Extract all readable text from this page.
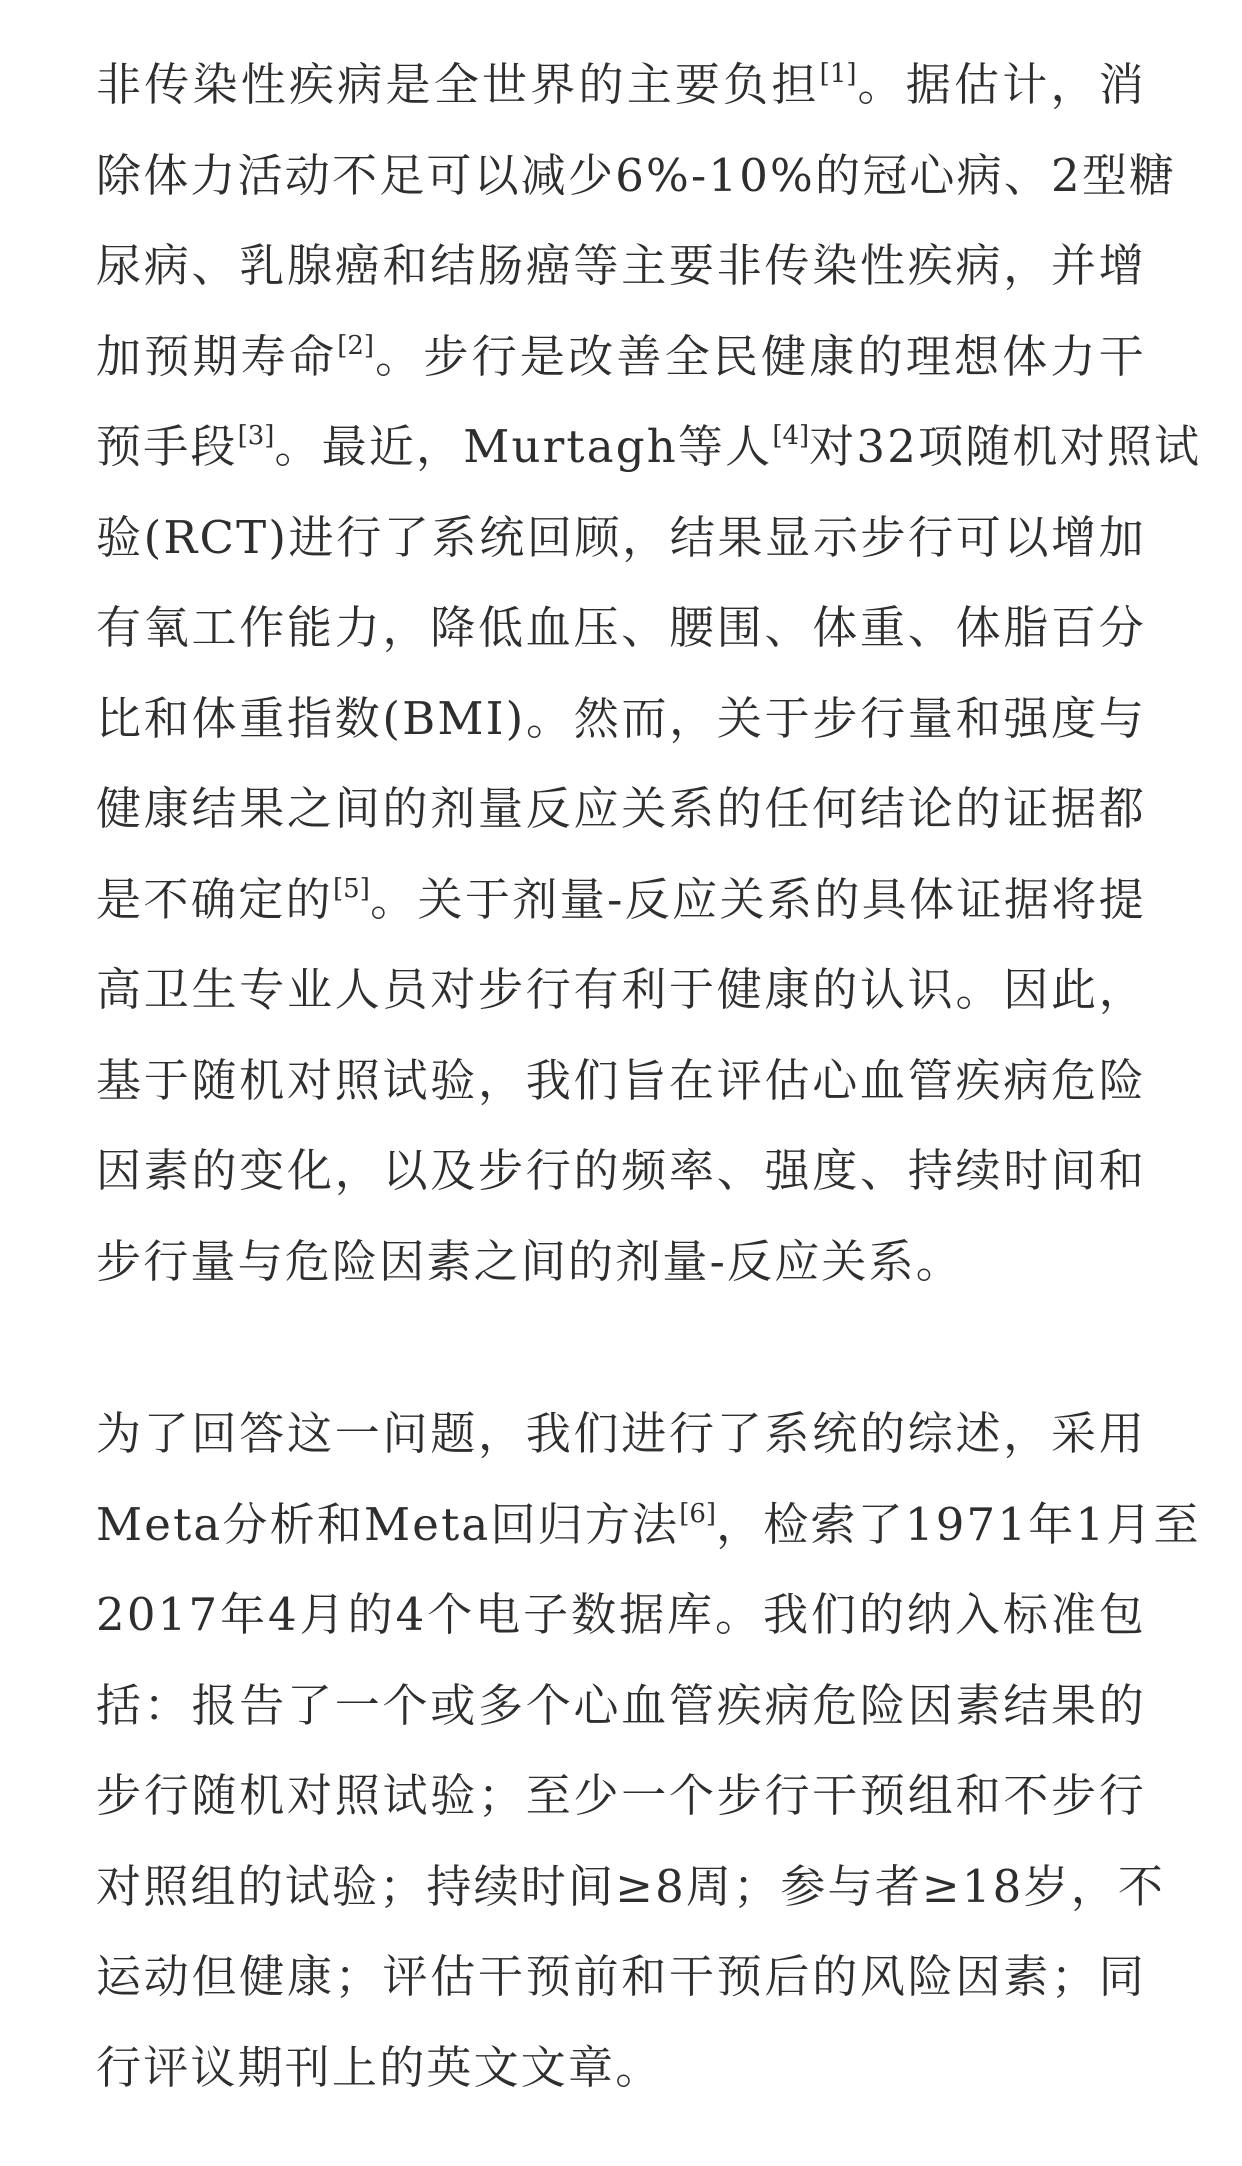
非传染性疾病是全世界的主要负担[1]。据估计，消
除体力活动不足可以减少6%-10%的冠心病、2型糖
尿病、乳腺癌和结肠癌等主要非传染性疾病，并增
加预期寿命[2]。步行是改善全民健康的理想体力干
预手段[3]。最近，Murtagh等人[4]对32项随机对照试
验(RCT)进行了系统回顾，结果显示步行可以增加
有氧工作能力，降低血压、腰围、体重、体脂百分
比和体重指数(BMI)。然而，关于步行量和强度与
健康结果之间的剂量反应关系的任何结论的证据都
是不确定的[5]。关于剂量-反应关系的具体证据将提
高卫生专业人员对步行有利于健康的认识。因此，
基于随机对照试验，我们旨在评估心血管疾病危险
因素的变化，以及步行的频率、强度、持续时间和
步行量与危险因素之间的剂量-反应关系。
为了回答这一问题，我们进行了系统的综述，采用
Meta分析和Meta回归方法[6]，检索了1971年1月至
2017年4月的4个电子数据库。我们的纳入标准包
括：报告了一个或多个心血管疾病危险因素结果的
步行随机对照试验；至少一个步行干预组和不步行
对照组的试验；持续时间≥8周；参与者≥18岁，不
运动但健康；评估干预前和干预后的风险因素；同
行评议期刊上的英文文章。
